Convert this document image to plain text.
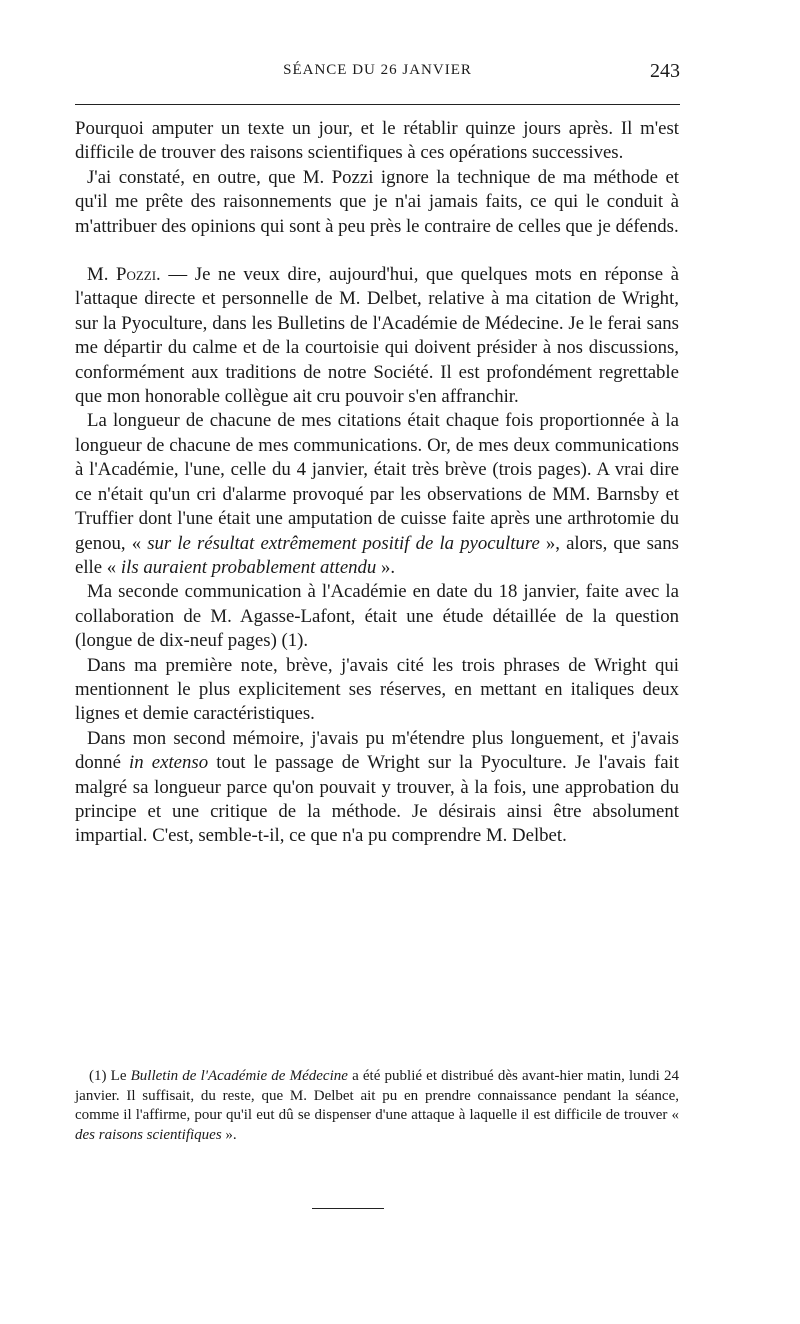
SÉANCE DU 26 JANVIER	243

Pourquoi amputer un texte un jour, et le rétablir quinze jours après. Il m'est difficile de trouver des raisons scientifiques à ces opérations successives.

J'ai constaté, en outre, que M. Pozzi ignore la technique de ma méthode et qu'il me prête des raisonnements que je n'ai jamais faits, ce qui le conduit à m'attribuer des opinions qui sont à peu près le contraire de celles que je défends.

M. Pozzi. — Je ne veux dire, aujourd'hui, que quelques mots en réponse à l'attaque directe et personnelle de M. Delbet, relative à ma citation de Wright, sur la Pyoculture, dans les Bulletins de l'Académie de Médecine. Je le ferai sans me départir du calme et de la courtoisie qui doivent présider à nos discussions, conformément aux traditions de notre Société. Il est profondément regrettable que mon honorable collègue ait cru pouvoir s'en affranchir.

La longueur de chacune de mes citations était chaque fois proportionnée à la longueur de chacune de mes communications. Or, de mes deux communications à l'Académie, l'une, celle du 4 janvier, était très brève (trois pages). A vrai dire ce n'était qu'un cri d'alarme provoqué par les observations de MM. Barnsby et Truffier dont l'une était une amputation de cuisse faite après une arthrotomie du genou, « sur le résultat extrêmement positif de la pyoculture », alors, que sans elle « ils auraient probablement attendu ».

Ma seconde communication à l'Académie en date du 18 janvier, faite avec la collaboration de M. Agasse-Lafont, était une étude détaillée de la question (longue de dix-neuf pages) (1).

Dans ma première note, brève, j'avais cité les trois phrases de Wright qui mentionnent le plus explicitement ses réserves, en mettant en italiques deux lignes et demie caractéristiques.

Dans mon second mémoire, j'avais pu m'étendre plus longuement, et j'avais donné in extenso tout le passage de Wright sur la Pyoculture. Je l'avais fait malgré sa longueur parce qu'on pouvait y trouver, à la fois, une approbation du principe et une critique de la méthode. Je désirais ainsi être absolument impartial. C'est, semble-t-il, ce que n'a pu comprendre M. Delbet.

(1) Le Bulletin de l'Académie de Médecine a été publié et distribué dès avant-hier matin, lundi 24 janvier. Il suffisait, du reste, que M. Delbet ait pu en prendre connaissance pendant la séance, comme il l'affirme, pour qu'il eut dû se dispenser d'une attaque à laquelle il est difficile de trouver « des raisons scientifiques ».
